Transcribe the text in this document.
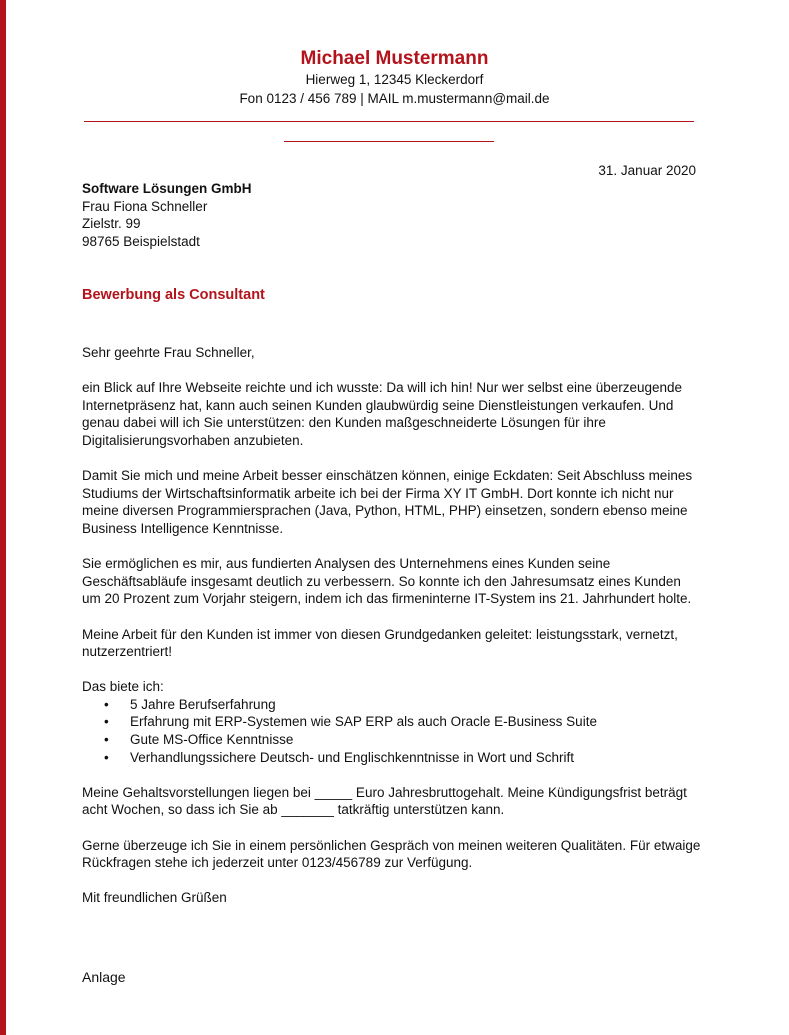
Michael Mustermann
Hierweg 1, 12345 Kleckerdorf
Fon 0123 / 456 789 | MAIL m.mustermann@mail.de
31. Januar 2020
Software Lösungen GmbH
Frau Fiona Schneller
Zielstr. 99
98765 Beispielstadt
Bewerbung als Consultant

Sehr geehrte Frau Schneller,

ein Blick auf Ihre Webseite reichte und ich wusste: Da will ich hin! Nur wer selbst eine überzeugende Internetpräsenz hat, kann auch seinen Kunden glaubwürdig seine Dienstleistungen verkaufen. Und genau dabei will ich Sie unterstützen: den Kunden maßgeschneiderte Lösungen für ihre Digitalisierungsvorhaben anzubieten.

Damit Sie mich und meine Arbeit besser einschätzen können, einige Eckdaten: Seit Abschluss meines Studiums der Wirtschaftsinformatik arbeite ich bei der Firma XY IT GmbH. Dort konnte ich nicht nur meine diversen Programmiersprachen (Java, Python, HTML, PHP) einsetzen, sondern ebenso meine Business Intelligence Kenntnisse.

Sie ermöglichen es mir, aus fundierten Analysen des Unternehmens eines Kunden seine Geschäftsabläufe insgesamt deutlich zu verbessern. So konnte ich den Jahresumsatz eines Kunden um 20 Prozent zum Vorjahr steigern, indem ich das firmeninterne IT-System ins 21. Jahrhundert holte.

Meine Arbeit für den Kunden ist immer von diesen Grundgedanken geleitet: leistungsstark, vernetzt, nutzerzentriert!

Das biete ich:
• 5 Jahre Berufserfahrung
• Erfahrung mit ERP-Systemen wie SAP ERP als auch Oracle E-Business Suite
• Gute MS-Office Kenntnisse
• Verhandlungssichere Deutsch- und Englischkenntnisse in Wort und Schrift

Meine Gehaltsvorstellungen liegen bei _____ Euro Jahresbruttogehalt. Meine Kündigungsfrist beträgt acht Wochen, so dass ich Sie ab _______ tatkräftig unterstützen kann.

Gerne überzeuge ich Sie in einem persönlichen Gespräch von meinen weiteren Qualitäten. Für etwaige Rückfragen stehe ich jederzeit unter 0123/456789 zur Verfügung.

Mit freundlichen Grüßen
Anlage
